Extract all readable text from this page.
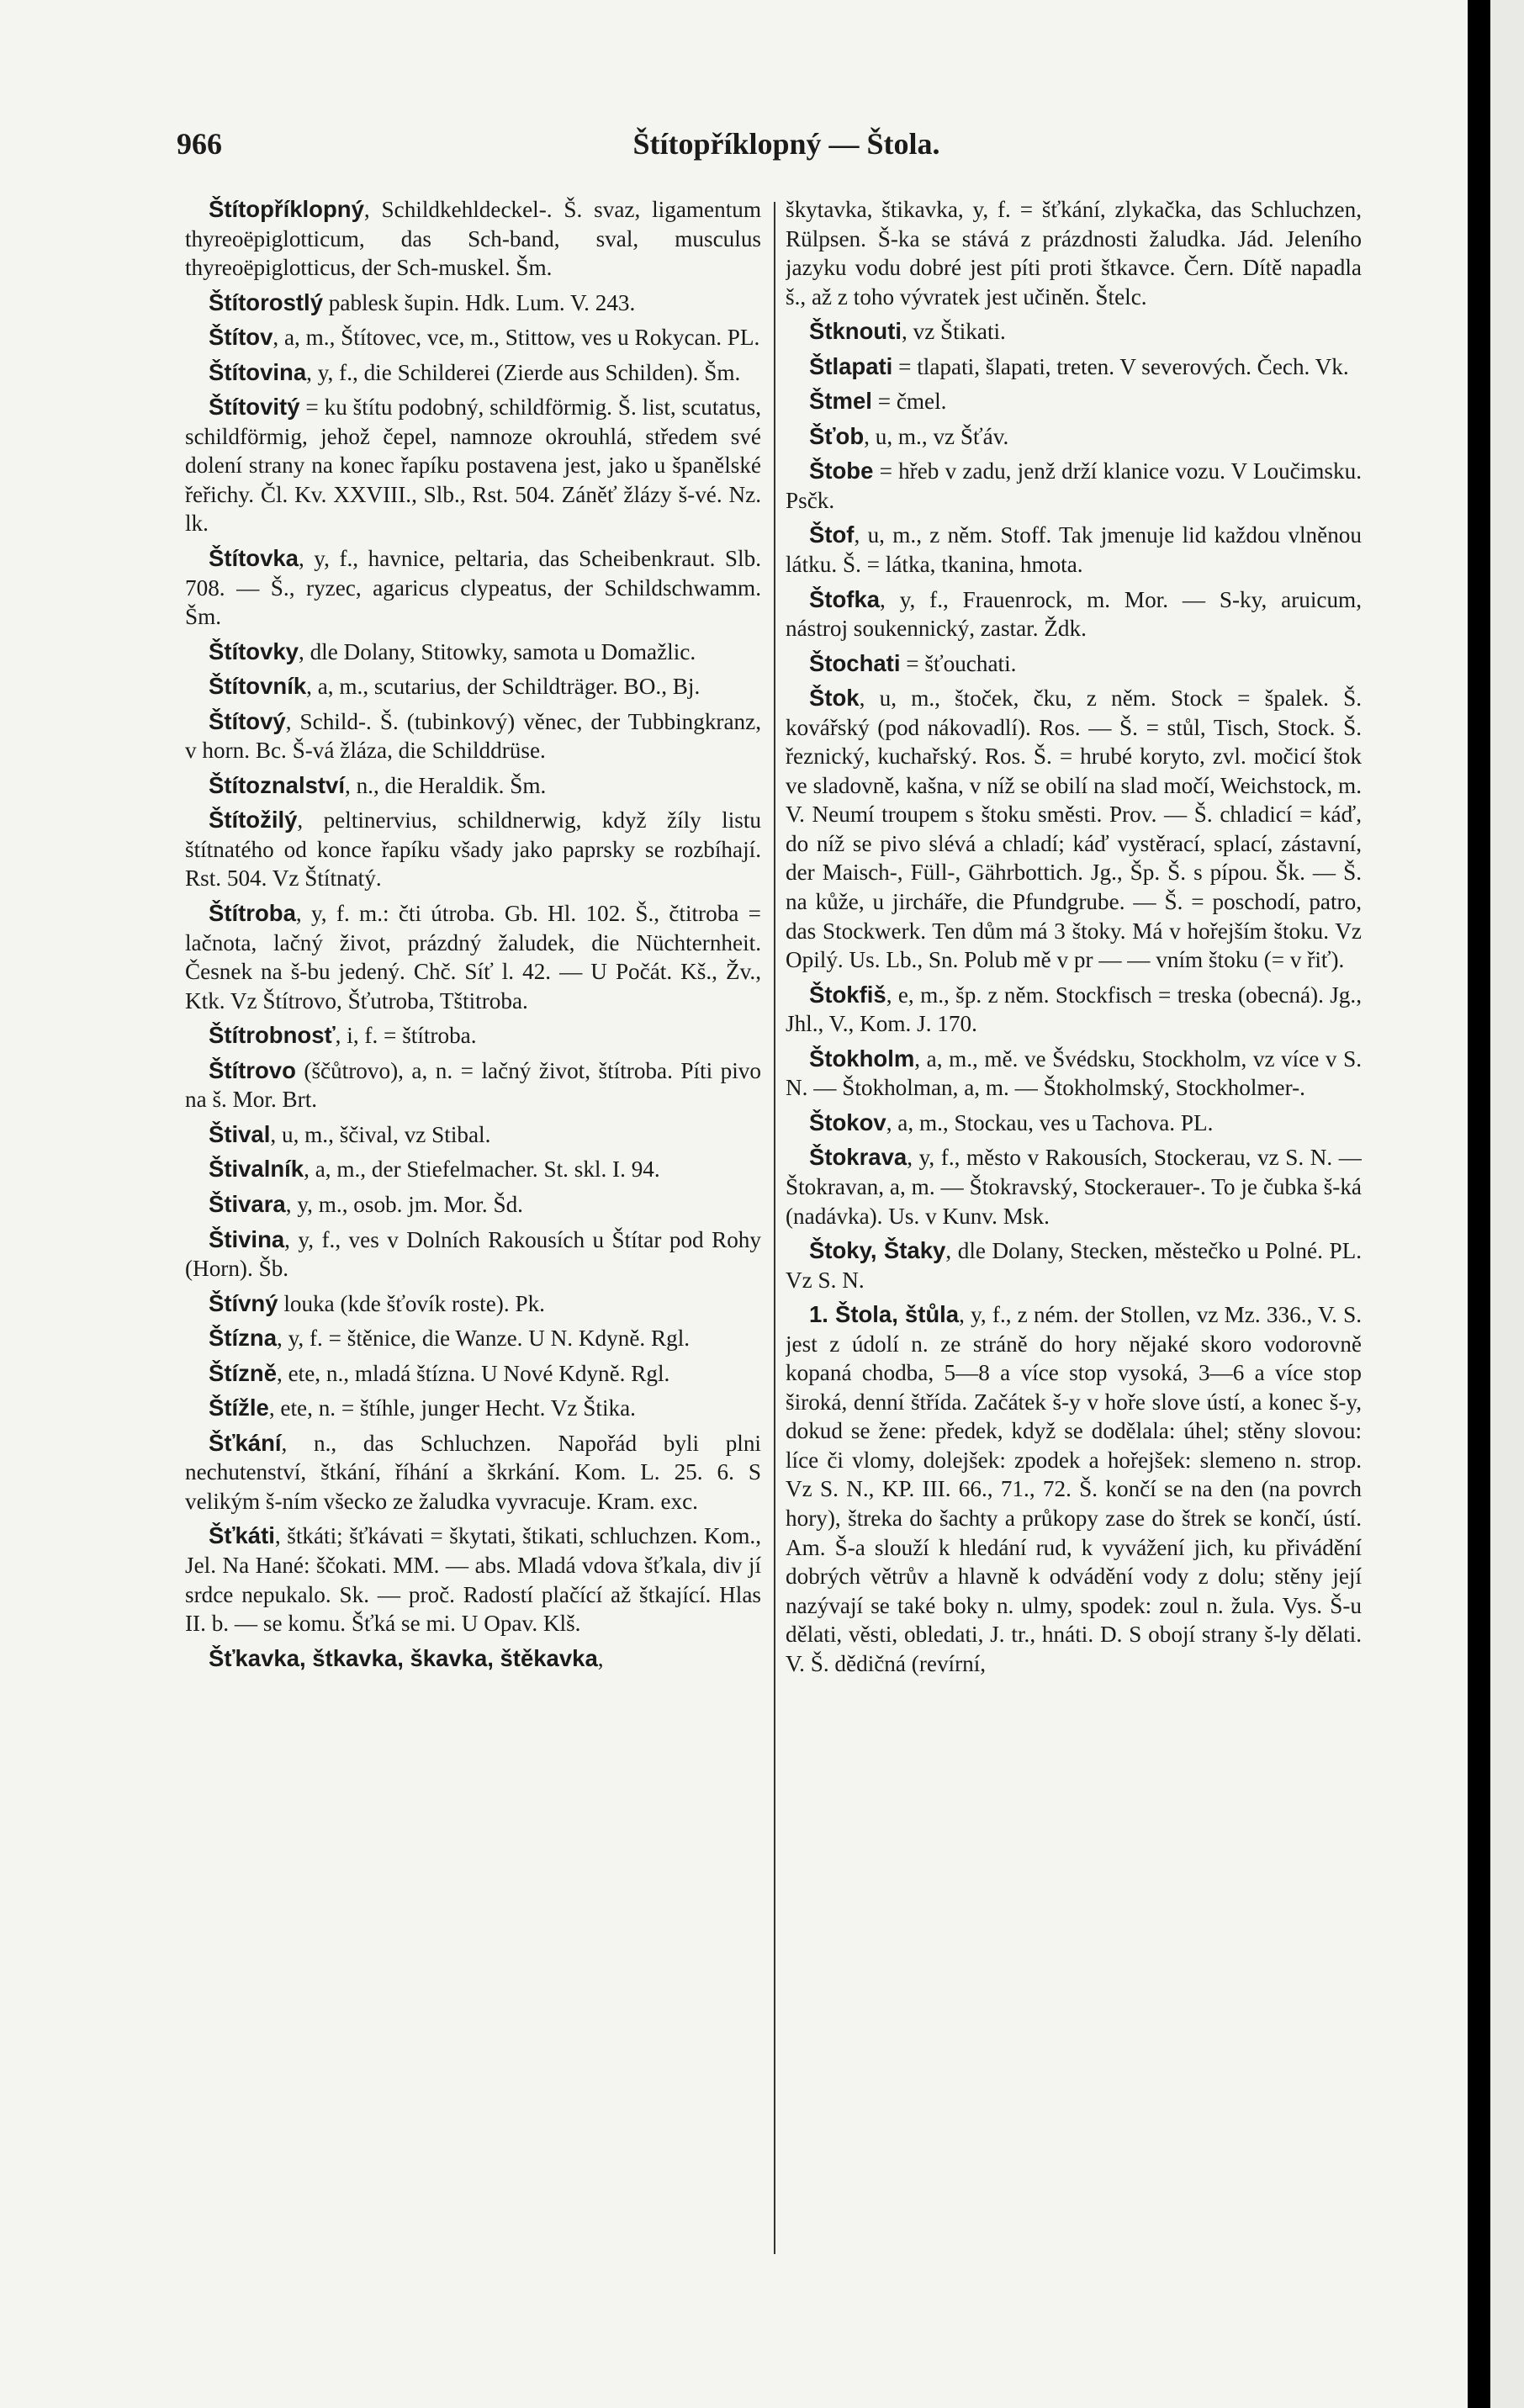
966	Štítopříklopný — Štola.

Štítopříklopný, Schildkehldeckel-. Š. svaz, ligamentum thyreoëpiglotticum, das Sch-band, sval, musculus thyreoëpiglotticus, der Sch-muskel. Šm.

Štítorostlý pablesk šupin. Hdk. Lum. V. 243.

Štítov, a, m., Štítovec, vce, m., Stittow, ves u Rokycan. PL.

Štítovina, y, f., die Schilderei (Zierde aus Schilden). Šm.

Štítovitý = ku štítu podobný, schildförmig. Š. list, scutatus, schildförmig, jehož čepel, namnoze okrouhlá, středem své dolení strany na konec řapíku postavena jest, jako u španělské řeřichy. Čl. Kv. XXVIII., Slb., Rst. 504. Záněť žlázy š-vé. Nz. lk.

Štítovka, y, f., havnice, peltaria, das Scheibenkraut. Slb. 708. — Š., ryzec, agaricus clypeatus, der Schildschwamm. Šm.

Štítovky, dle Dolany, Stitowky, samota u Domažlic.

Štítovník, a, m., scutarius, der Schildträger. BO., Bj.

Štítový, Schild-. Š. (tubinkový) věnec, der Tubbingkranz, v horn. Bc. Š-vá žláza, die Schilddrüse.

Štítoznalství, n., die Heraldik. Šm.

Štítožilý, peltinervius, schildnerwig, když žíly listu štítnatého od konce řapíku všady jako paprsky se rozbíhají. Rst. 504. Vz Štítnatý.

Štítroba, y, f. m.: čti útroba. Gb. Hl. 102. Š., čtitroba = lačnota, lačný život, prázdný žaludek, die Nüchternheit. Česnek na š-bu jedený. Chč. Síť l. 42. — U Počát. Kš., Žv., Ktk. Vz Štítrovo, Šťutroba, Tštitroba.

Štítrobnosť, i, f. = štítroba.

Štítrovo (ščůtrovo), a, n. = lačný život, štítroba. Píti pivo na š. Mor. Brt.

Štival, u, m., ščival, vz Stibal.

Štivalník, a, m., der Stiefelmacher. St. skl. I. 94.

Štivara, y, m., osob. jm. Mor. Šd.

Štivina, y, f., ves v Dolních Rakousích u Štítar pod Rohy (Horn). Šb.

Štívný louka (kde šťovík roste). Pk.

Štízna, y, f. = štěnice, die Wanze. U N. Kdyně. Rgl.

Štízně, ete, n., mladá štízna. U Nové Kdyně. Rgl.

Štížle, ete, n. = štíhle, junger Hecht. Vz Štika.

Šťkání, n., das Schluchzen. Napořád byli plni nechutenství, štkání, říhání a škrkání. Kom. L. 25. 6. S velikým š-ním všecko ze žaludka vyvracuje. Kram. exc.

Šťkáti, štkáti; šťkávati = škytati, štikati, schluchzen. Kom., Jel. Na Hané: ščokati. MM. — abs. Mladá vdova šťkala, div jí srdce nepukalo. Sk. — proč. Radostí plačící až štkající. Hlas II. b. — se komu. Šťká se mi. U Opav. Klš.

Šťkavka, štkavka, škavka, štěkavka,

škytavka, štikavka, y, f. = šťkání, zlykačka, das Schluchzen, Rülpsen. Š-ka se stává z prázdnosti žaludka. Jád. Jeleního jazyku vodu dobré jest píti proti štkavce. Čern. Dítě napadla š., až z toho vývratek jest učiněn. Štelc.

Štknouti, vz Štikati.

Štlapati = tlapati, šlapati, treten. V severových. Čech. Vk.

Štmel = čmel.

Šťob, u, m., vz Šťáv.

Štobe = hřeb v zadu, jenž drží klanice vozu. V Loučimsku. Psčk.

Štof, u, m., z něm. Stoff. Tak jmenuje lid každou vlněnou látku. Š. = látka, tkanina, hmota.

Štofka, y, f., Frauenrock, m. Mor. — S-ky, aruicum, nástroj soukennický, zastar. Ždk.

Štochati = šťouchati.

Štok, u, m., štoček, čku, z něm. Stock = špalek. Š. kovářský (pod nákovadlí). Ros. — Š. = stůl, Tisch, Stock. Š. řeznický, kuchařský. Ros. Š. = hrubé koryto, zvl. močicí štok ve sladovně, kašna, v níž se obilí na slad močí, Weichstock, m. V. Neumí troupem s štoku směsti. Prov. — Š. chladicí = káď, do níž se pivo slévá a chladí; káď vystěrací, splací, zástavní, der Maisch-, Füll-, Gährbottich. Jg., Šp. Š. s pípou. Šk. — Š. na kůže, u jircháře, die Pfundgrube. — Š. = poschodí, patro, das Stockwerk. Ten dům má 3 štoky. Má v hořejším štoku. Vz Opilý. Us. Lb., Sn. Polub mě v pr — — vním štoku (= v řiť).

Štokfiš, e, m., šp. z něm. Stockfisch = treska (obecná). Jg., Jhl., V., Kom. J. 170.

Štokholm, a, m., mě. ve Švédsku, Stockholm, vz více v S. N. — Štokholman, a, m. — Štokholmský, Stockholmer-.

Štokov, a, m., Stockau, ves u Tachova. PL.

Štokrava, y, f., město v Rakousích, Stockerau, vz S. N. — Štokravan, a, m. — Štokravský, Stockerauer-. To je čubka š-ká (nadávka). Us. v Kunv. Msk.

Štoky, Štaky, dle Dolany, Stecken, městečko u Polné. PL. Vz S. N.

1. Štola, štůla, y, f., z ném. der Stollen, vz Mz. 336., V. S. jest z údolí n. ze stráně do hory nějaké skoro vodorovně kopaná chodba, 5—8 a více stop vysoká, 3—6 a více stop široká, denní štřída. Začátek š-y v hoře slove ústí, a konec š-y, dokud se žene: předek, když se dodělala: úhel; stěny slovou: líce či vlomy, dolejšek: zpodek a hořejšek: slemeno n. strop. Vz S. N., KP. III. 66., 71., 72. Š. končí se na den (na povrch hory), štreka do šachty a průkopy zase do štrek se končí, ústí. Am. Š-a slouží k hledání rud, k vyvážení jich, ku přivádění dobrých větrův a hlavně k odvádění vody z dolu; stěny její nazývají se také boky n. ulmy, spodek: zoul n. žula. Vys. Š-u dělati, věsti, obledati, J. tr., hnáti. D. S obojí strany š-ly dělati. V. Š. dědičná (revírní,
